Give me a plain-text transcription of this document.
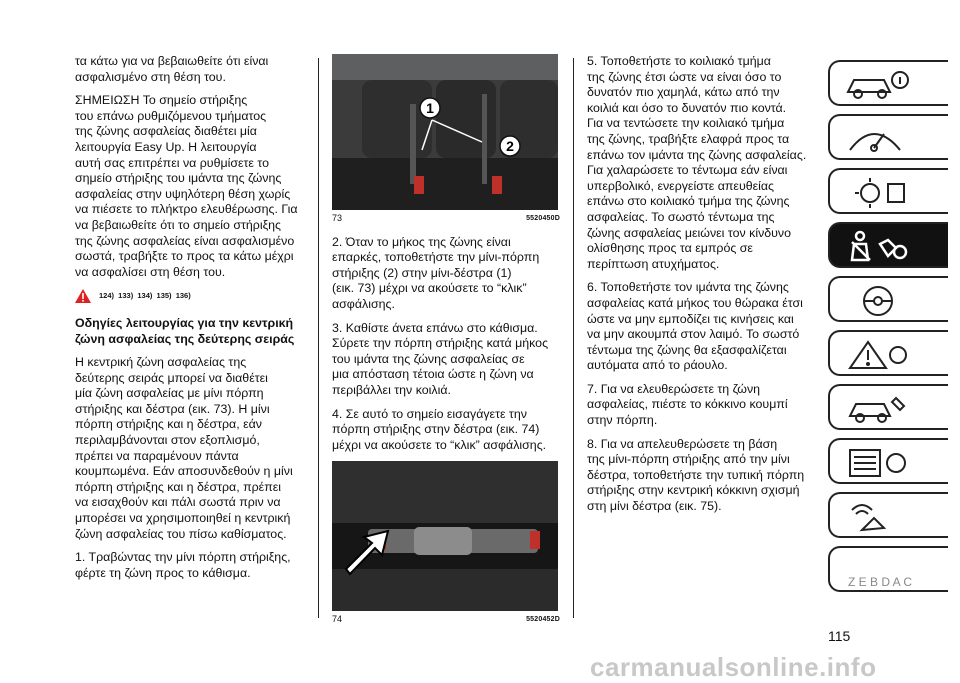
τα κάτω για να βεβαιωθείτε ότι είναι
ασφαλισμένο στη θέση του.

ΣΗΜΕΙΩΣΗ Το σημείο στήριξης
του επάνω ρυθμιζόμενου τμήματος
της ζώνης ασφαλείας διαθέτει μία
λειτουργία Easy Up. Η λειτουργία
αυτή σας επιτρέπει να ρυθμίσετε το
σημείο στήριξης του ιμάντα της ζώνης
ασφαλείας στην υψηλότερη θέση χωρίς
να πιέσετε το πλήκτρο ελευθέρωσης. Για
να βεβαιωθείτε ότι το σημείο στήριξης
της ζώνης ασφαλείας είναι ασφαλισμένο
σωστά, τραβήξτε το προς τα κάτω μέχρι
να ασφαλίσει στη θέση του.

124)  133)  134)  135)  136)

Οδηγίες λειτουργίας για την κεντρική
ζώνη ασφαλείας της δεύτερης σειράς

Η κεντρική ζώνη ασφαλείας της
δεύτερης σειράς μπορεί να διαθέτει
μία ζώνη ασφαλείας με μίνι πόρπη
στήριξης και δέστρα (εικ. 73). Η μίνι
πόρπη στήριξης και η δέστρα, εάν
περιλαμβάνονται στον εξοπλισμό,
πρέπει να παραμένουν πάντα
κουμπωμένα. Εάν αποσυνδεθούν η μίνι
πόρπη στήριξης και η δέστρα, πρέπει
να εισαχθούν και πάλι σωστά πριν να
μπορέσει να χρησιμοποιηθεί η κεντρική
ζώνη ασφαλείας του πίσω καθίσματος.

1. Τραβώντας την μίνι πόρπη στήριξης,
φέρτε τη ζώνη προς το κάθισμα.

1
2
73	5520450D

2. Όταν το μήκος της ζώνης είναι
επαρκές, τοποθετήστε την μίνι-πόρπη
στήριξης (2) στην μίνι-δέστρα (1)
(εικ. 73) μέχρι να ακούσετε το “κλικ”
ασφάλισης.

3. Καθίστε άνετα επάνω στο κάθισμα.
Σύρετε την πόρπη στήριξης κατά μήκος
του ιμάντα της ζώνης ασφαλείας σε
μια απόσταση τέτοια ώστε η ζώνη να
περιβάλλει την κοιλιά.

4. Σε αυτό το σημείο εισαγάγετε την
πόρπη στήριξης στην δέστρα (εικ. 74)
μέχρι να ακούσετε το “κλικ” ασφάλισης.

74	5520452D

5. Τοποθετήστε το κοιλιακό τμήμα
της ζώνης έτσι ώστε να είναι όσο το
δυνατόν πιο χαμηλά, κάτω από την
κοιλιά και όσο το δυνατόν πιο κοντά.
Για να τεντώσετε την κοιλιακό τμήμα
της ζώνης, τραβήξτε ελαφρά προς τα
επάνω τον ιμάντα της ζώνης ασφαλείας.
Για χαλαρώσετε το τέντωμα εάν είναι
υπερβολικό, ενεργείστε απευθείας
επάνω στο κοιλιακό τμήμα της ζώνης
ασφαλείας. Το σωστό τέντωμα της
ζώνης ασφαλείας μειώνει τον κίνδυνο
ολίσθησης προς τα εμπρός σε
περίπτωση ατυχήματος.

6. Τοποθετήστε τον ιμάντα της ζώνης
ασφαλείας κατά μήκος του θώρακα έτσι
ώστε να μην εμποδίζει τις κινήσεις και
να μην ακουμπά στον λαιμό. Το σωστό
τέντωμα της ζώνης θα εξασφαλίζεται
αυτόματα από το ράουλο.

7. Για να ελευθερώσετε τη ζώνη
ασφαλείας, πιέστε το κόκκινο κουμπί
στην πόρπη.

8. Για να απελευθερώσετε τη βάση
της μίνι-πόρπη στήριξης από την μίνι
δέστρα, τοποθετήστε την τυπική πόρπη
στήριξης στην κεντρική κόκκινη σχισμή
στη μίνι δέστρα (εικ. 75).

Z E B D A C
115
carmanualsonline.info
